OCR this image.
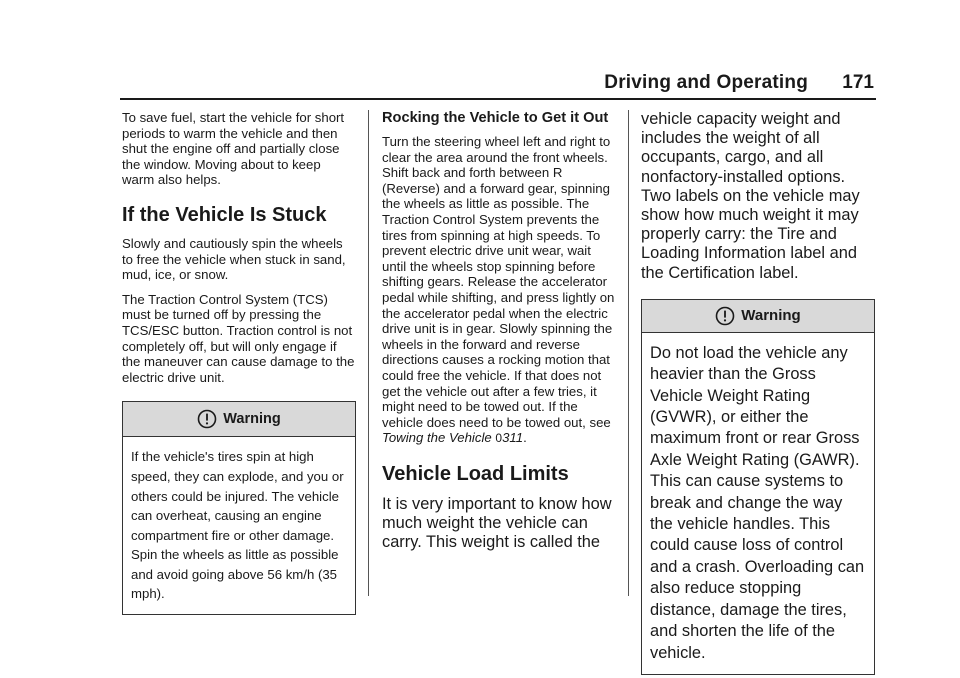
Driving and Operating 171

To save fuel, start the vehicle for short periods to warm the vehicle and then shut the engine off and partially close the window. Moving about to keep warm also helps.

If the Vehicle Is Stuck

Slowly and cautiously spin the wheels to free the vehicle when stuck in sand, mud, ice, or snow.

The Traction Control System (TCS) must be turned off by pressing the TCS/ESC button. Traction control is not completely off, but will only engage if the maneuver can cause damage to the electric drive unit.

Warning
If the vehicle's tires spin at high speed, they can explode, and you or others could be injured. The vehicle can overheat, causing an engine compartment fire or other damage. Spin the wheels as little as possible and avoid going above 56 km/h (35 mph).
Rocking the Vehicle to Get it Out

Turn the steering wheel left and right to clear the area around the front wheels. Shift back and forth between R (Reverse) and a forward gear, spinning the wheels as little as possible. The Traction Control System prevents the tires from spinning at high speeds. To prevent electric drive unit wear, wait until the wheels stop spinning before shifting gears. Release the accelerator pedal while shifting, and press lightly on the accelerator pedal when the electric drive unit is in gear. Slowly spinning the wheels in the forward and reverse directions causes a rocking motion that could free the vehicle. If that does not get the vehicle out after a few tries, it might need to be towed out. If the vehicle does need to be towed out, see Towing the Vehicle 0311.

Vehicle Load Limits

It is very important to know how much weight the vehicle can carry. This weight is called the

vehicle capacity weight and includes the weight of all occupants, cargo, and all nonfactory-installed options. Two labels on the vehicle may show how much weight it may properly carry: the Tire and Loading Information label and the Certification label.

Warning
Do not load the vehicle any heavier than the Gross Vehicle Weight Rating (GVWR), or either the maximum front or rear Gross Axle Weight Rating (GAWR). This can cause systems to break and change the way the vehicle handles. This could cause loss of control and a crash. Overloading can also reduce stopping distance, damage the tires, and shorten the life of the vehicle.
